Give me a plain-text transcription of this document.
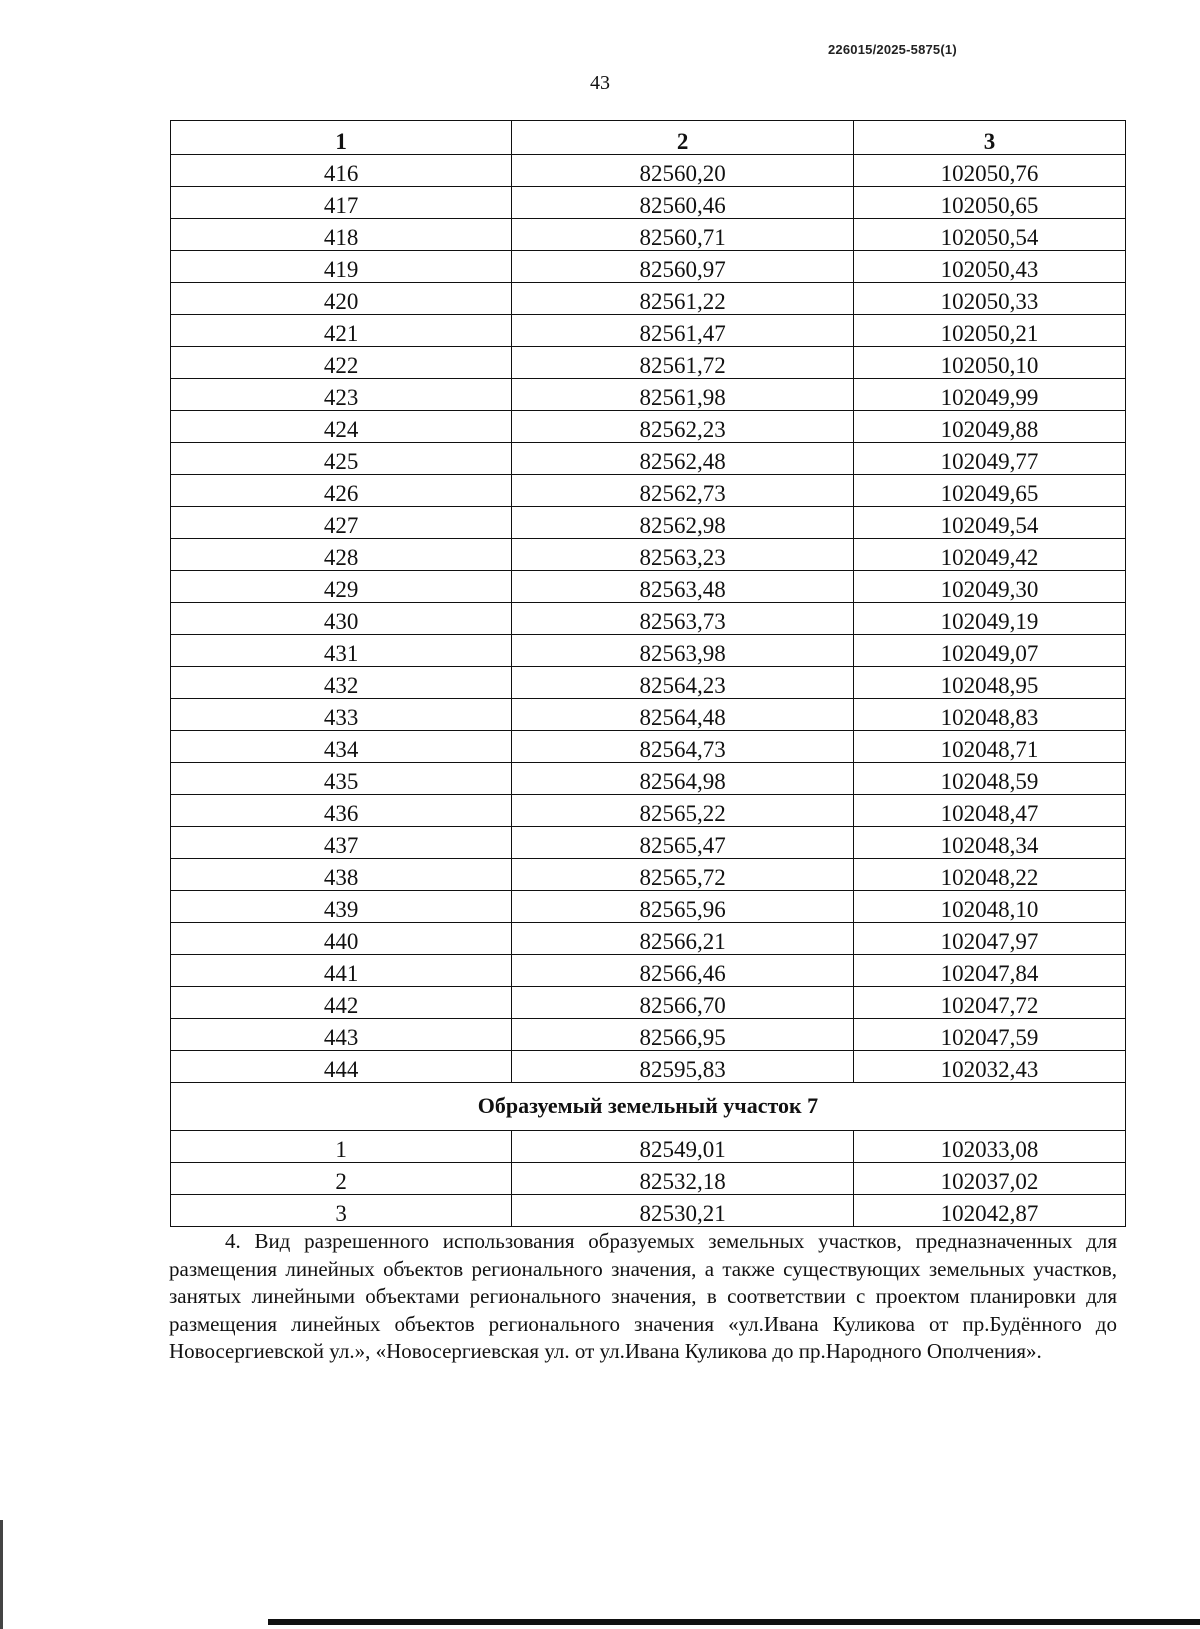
226015/2025-5875(1)
43
1	2	3
416	82560,20	102050,76
417	82560,46	102050,65
418	82560,71	102050,54
419	82560,97	102050,43
420	82561,22	102050,33
421	82561,47	102050,21
422	82561,72	102050,10
423	82561,98	102049,99
424	82562,23	102049,88
425	82562,48	102049,77
426	82562,73	102049,65
427	82562,98	102049,54
428	82563,23	102049,42
429	82563,48	102049,30
430	82563,73	102049,19
431	82563,98	102049,07
432	82564,23	102048,95
433	82564,48	102048,83
434	82564,73	102048,71
435	82564,98	102048,59
436	82565,22	102048,47
437	82565,47	102048,34
438	82565,72	102048,22
439	82565,96	102048,10
440	82566,21	102047,97
441	82566,46	102047,84
442	82566,70	102047,72
443	82566,95	102047,59
444	82595,83	102032,43
Образуемый земельный участок 7		
1	82549,01	102033,08
2	82532,18	102037,02
3	82530,21	102042,87
4. Вид разрешенного использования образуемых земельных участков, предназначенных для размещения линейных объектов регионального значения, а также существующих земельных участков, занятых линейными объектами регионального значения, в соответствии с проектом планировки для размещения линейных объектов регионального значения «ул.Ивана Куликова от пр.Будённого до Новосергиевской ул.», «Новосергиевская ул. от ул.Ивана Куликова до пр.Народного Ополчения».
